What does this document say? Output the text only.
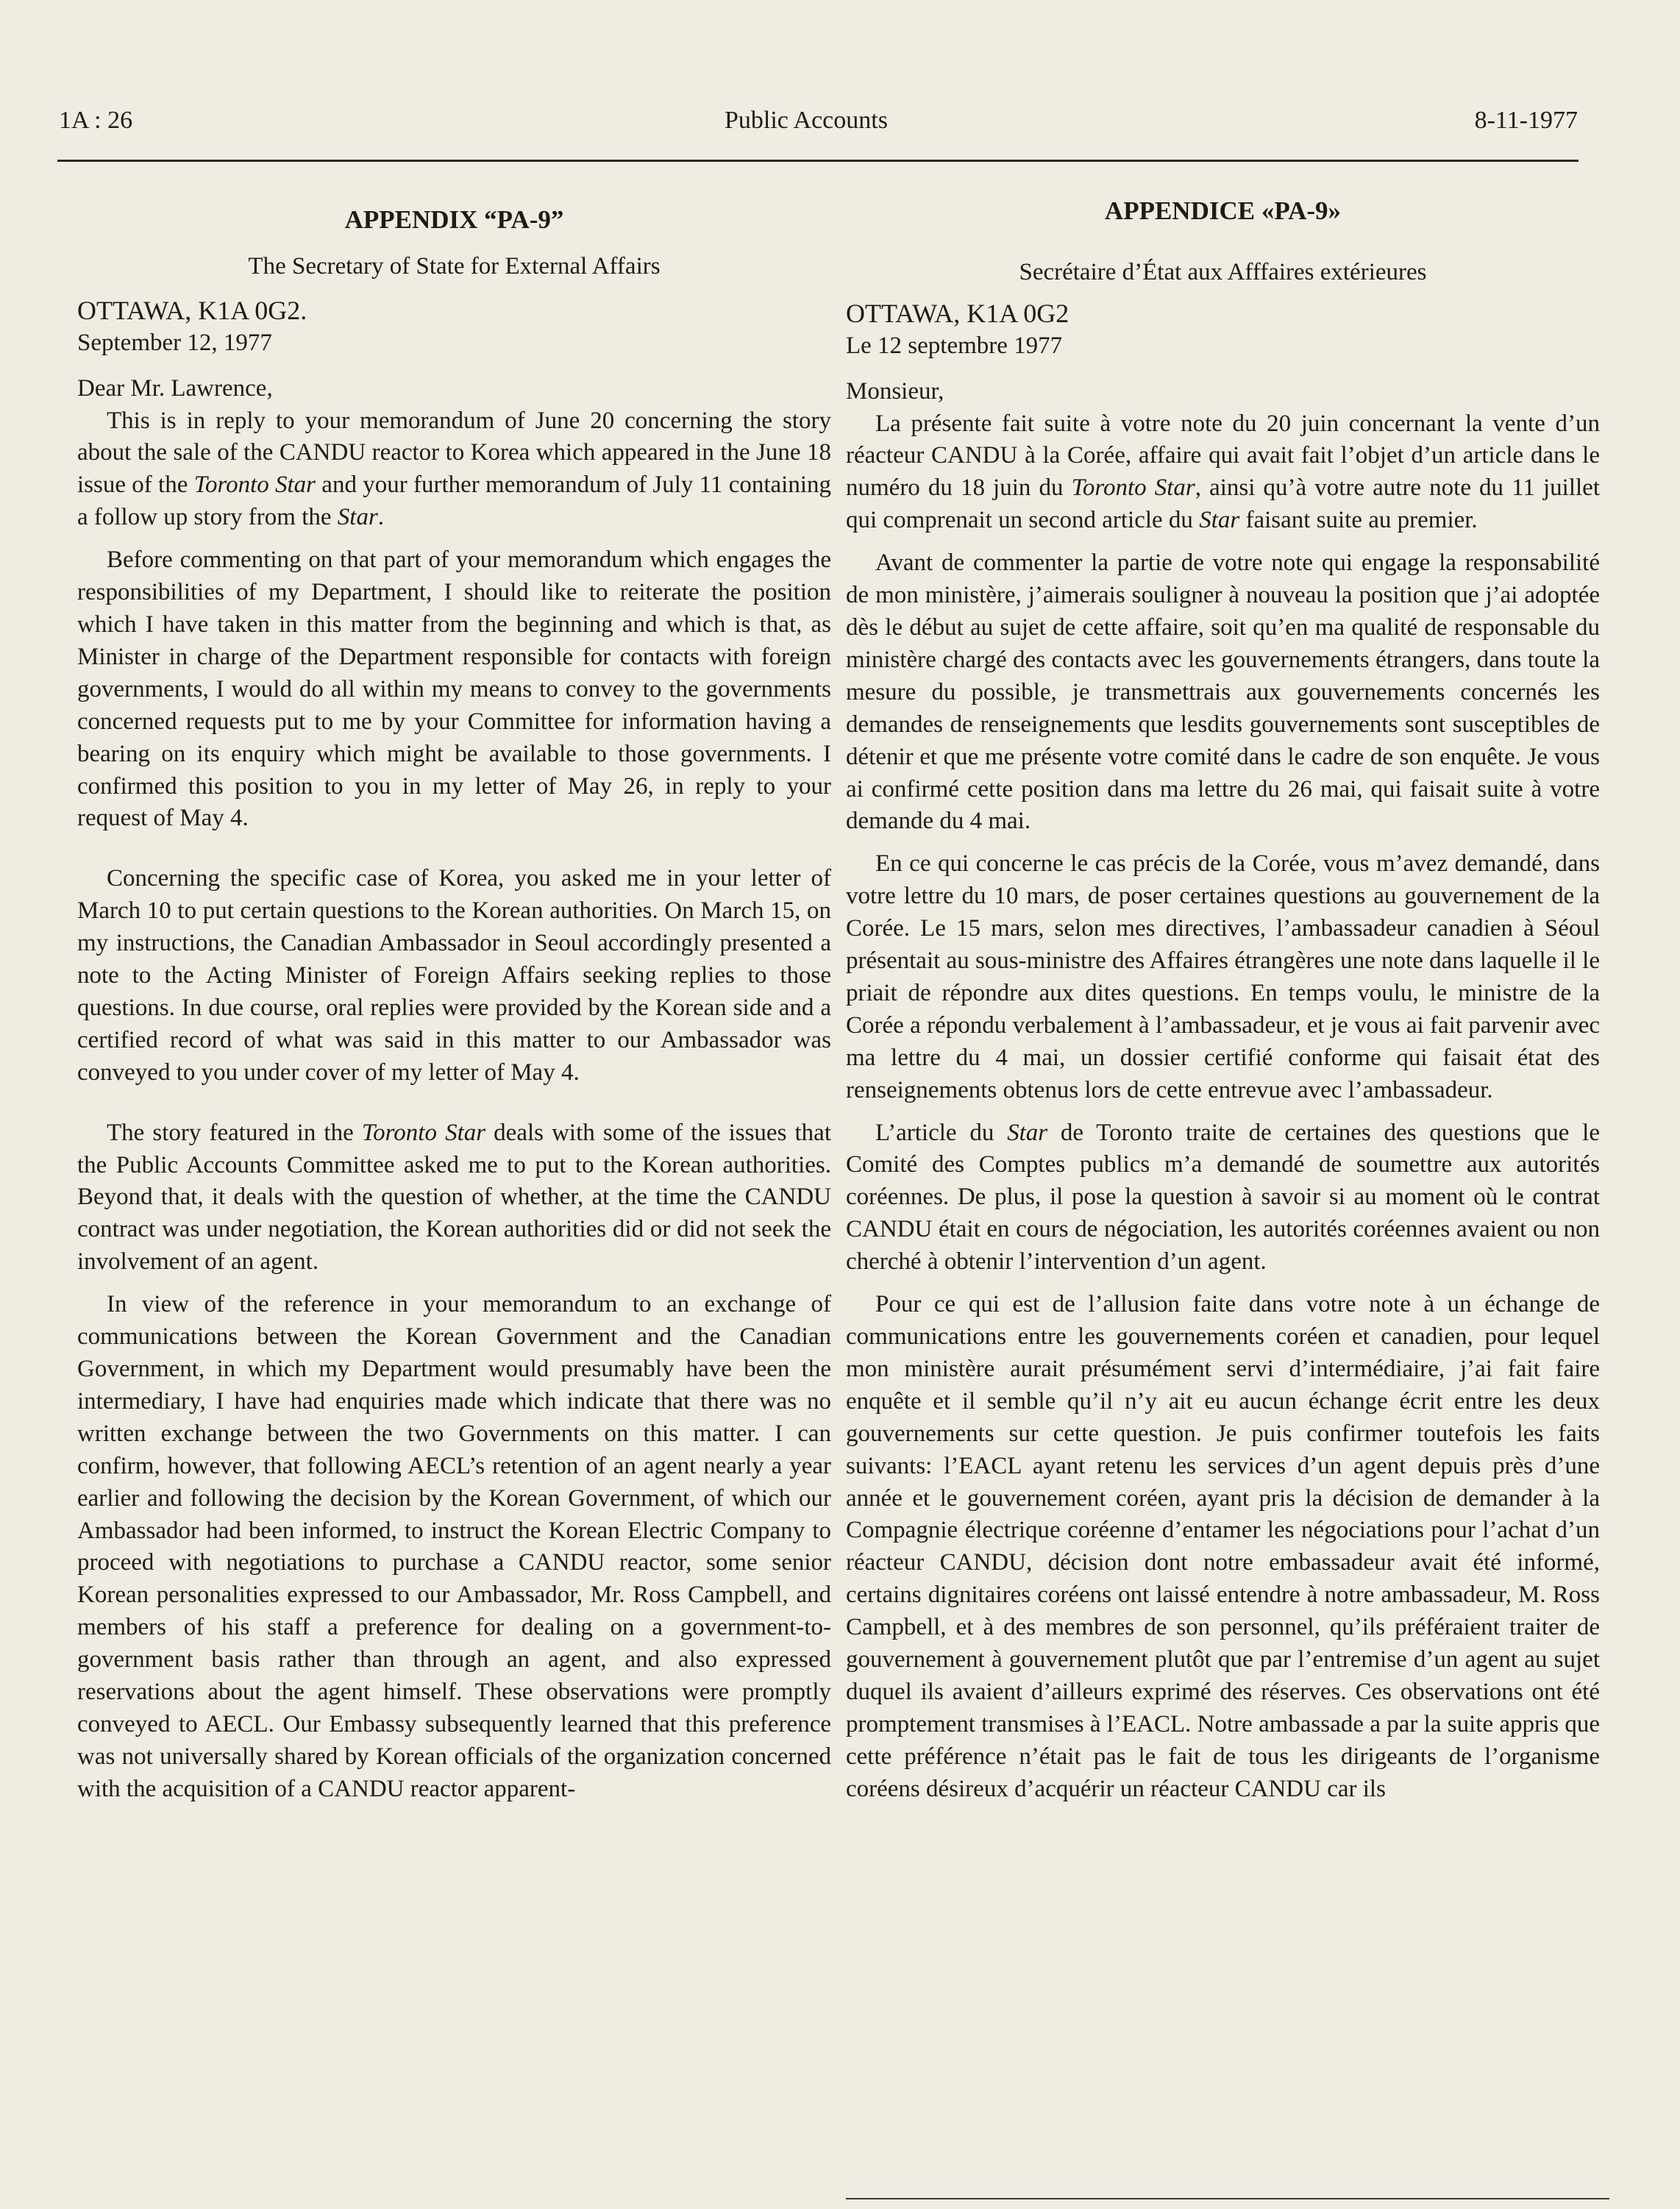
1A : 26	Public Accounts	8-11-1977

APPENDIX “PA-9”

The Secretary of State for External Affairs

OTTAWA, K1A 0G2.

September 12, 1977

Dear Mr. Lawrence,

This is in reply to your memorandum of June 20 concerning the story about the sale of the CANDU reactor to Korea which appeared in the June 18 issue of the Toronto Star and your further memorandum of July 11 containing a follow up story from the Star.

Before commenting on that part of your memorandum which engages the responsibilities of my Department, I should like to reiterate the position which I have taken in this matter from the beginning and which is that, as Minister in charge of the Department responsible for contacts with foreign governments, I would do all within my means to convey to the governments concerned requests put to me by your Committee for information having a bearing on its enquiry which might be available to those governments. I confirmed this position to you in my letter of May 26, in reply to your request of May 4.

Concerning the specific case of Korea, you asked me in your letter of March 10 to put certain questions to the Korean authorities. On March 15, on my instructions, the Canadian Ambassador in Seoul accordingly presented a note to the Acting Minister of Foreign Affairs seeking replies to those questions. In due course, oral replies were provided by the Korean side and a certified record of what was said in this matter to our Ambassador was conveyed to you under cover of my letter of May 4.

The story featured in the Toronto Star deals with some of the issues that the Public Accounts Committee asked me to put to the Korean authorities. Beyond that, it deals with the question of whether, at the time the CANDU contract was under negotiation, the Korean authorities did or did not seek the involvement of an agent.

In view of the reference in your memorandum to an exchange of communications between the Korean Government and the Canadian Government, in which my Department would presumably have been the intermediary, I have had enquiries made which indicate that there was no written exchange between the two Governments on this matter. I can confirm, however, that following AECL’s retention of an agent nearly a year earlier and following the decision by the Korean Government, of which our Ambassador had been informed, to instruct the Korean Electric Company to proceed with negotiations to purchase a CANDU reactor, some senior Korean personalities expressed to our Ambassador, Mr. Ross Campbell, and members of his staff a preference for dealing on a government-to-government basis rather than through an agent, and also expressed reservations about the agent himself. These observations were promptly conveyed to AECL. Our Embassy subsequently learned that this preference was not universally shared by Korean officials of the organization concerned with the acquisition of a CANDU reactor apparent-

APPENDICE «PA-9»

Secrétaire d’État aux Afffaires extérieures

OTTAWA, K1A 0G2

Le 12 septembre 1977

Monsieur,

La présente fait suite à votre note du 20 juin concernant la vente d’un réacteur CANDU à la Corée, affaire qui avait fait l’objet d’un article dans le numéro du 18 juin du Toronto Star, ainsi qu’à votre autre note du 11 juillet qui comprenait un second article du Star faisant suite au premier.

Avant de commenter la partie de votre note qui engage la responsabilité de mon ministère, j’aimerais souligner à nouveau la position que j’ai adoptée dès le début au sujet de cette affaire, soit qu’en ma qualité de responsable du ministère chargé des contacts avec les gouvernements étrangers, dans toute la mesure du possible, je transmettrais aux gouvernements concernés les demandes de renseignements que lesdits gouvernements sont susceptibles de détenir et que me présente votre comité dans le cadre de son enquête. Je vous ai confirmé cette position dans ma lettre du 26 mai, qui faisait suite à votre demande du 4 mai.

En ce qui concerne le cas précis de la Corée, vous m’avez demandé, dans votre lettre du 10 mars, de poser certaines questions au gouvernement de la Corée. Le 15 mars, selon mes directives, l’ambassadeur canadien à Séoul présentait au sous-ministre des Affaires étrangères une note dans laquelle il le priait de répondre aux dites questions. En temps voulu, le ministre de la Corée a répondu verbalement à l’ambassadeur, et je vous ai fait parvenir avec ma lettre du 4 mai, un dossier certifié conforme qui faisait état des renseignements obtenus lors de cette entrevue avec l’ambassadeur.

L’article du Star de Toronto traite de certaines des questions que le Comité des Comptes publics m’a demandé de soumettre aux autorités coréennes. De plus, il pose la question à savoir si au moment où le contrat CANDU était en cours de négociation, les autorités coréennes avaient ou non cherché à obtenir l’intervention d’un agent.

Pour ce qui est de l’allusion faite dans votre note à un échange de communications entre les gouvernements coréen et canadien, pour lequel mon ministère aurait présumément servi d’intermédiaire, j’ai fait faire enquête et il semble qu’il n’y ait eu aucun échange écrit entre les deux gouvernements sur cette question. Je puis confirmer toutefois les faits suivants: l’EACL ayant retenu les services d’un agent depuis près d’une année et le gouvernement coréen, ayant pris la décision de demander à la Compagnie électrique coréenne d’entamer les négociations pour l’achat d’un réacteur CANDU, décision dont notre embassadeur avait été informé, certains dignitaires coréens ont laissé entendre à notre ambassadeur, M. Ross Campbell, et à des membres de son personnel, qu’ils préféraient traiter de gouvernement à gouvernement plutôt que par l’entremise d’un agent au sujet duquel ils avaient d’ailleurs exprimé des réserves. Ces observations ont été promptement transmises à l’EACL. Notre ambassade a par la suite appris que cette préférence n’était pas le fait de tous les dirigeants de l’organisme coréens désireux d’acquérir un réacteur CANDU car ils
